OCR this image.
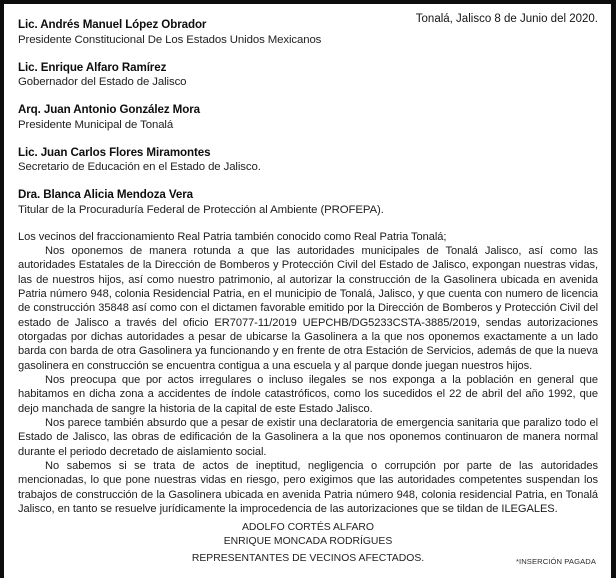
Tonalá, Jalisco 8 de Junio del 2020.
Lic. Andrés Manuel López Obrador
Presidente Constitucional De Los Estados Unidos Mexicanos
Lic. Enrique Alfaro Ramírez
Gobernador del Estado de Jalisco
Arq. Juan Antonio González Mora
Presidente Municipal de Tonalá
Lic. Juan Carlos Flores Miramontes
Secretario de Educación en el Estado de Jalisco.
Dra. Blanca Alicia Mendoza Vera
Titular de la Procuraduría Federal de Protección al Ambiente (PROFEPA).

Los vecinos del fraccionamiento Real Patria también conocido como Real Patria Tonalá;

Nos oponemos de manera rotunda a que las autoridades municipales de Tonalá Jalisco, así como las autoridades Estatales de la Dirección de Bomberos y Protección Civil del Estado de Jalisco, expongan nuestras vidas, las de nuestros hijos, así como nuestro patrimonio, al autorizar la construcción de la Gasolinera ubicada en avenida Patria número 948, colonia Residencial Patria, en el municipio de Tonalá, Jalisco, y que cuenta con numero de licencia de construcción 35848 así como con el dictamen favorable emitido por la Dirección de Bomberos y Protección Civil del estado de Jalisco a través del oficio ER7077-11/2019 UEPCHB/DG5233CSTA-3885/2019, sendas autorizaciones otorgadas por dichas autoridades a pesar de ubicarse la Gasolinera a la que nos oponemos exactamente a un lado barda con barda de otra Gasolinera ya funcionando y en frente de otra Estación de Servicios, además de que la nueva gasolinera en construcción se encuentra contigua a una escuela y al parque donde juegan nuestros hijos.

Nos preocupa que por actos irregulares o incluso ilegales se nos exponga a la población en general que habitamos en dicha zona a accidentes de índole catastróficos, como los sucedidos el 22 de abril del año 1992, que dejo manchada de sangre la historia de la capital de este Estado Jalisco.

Nos parece también absurdo que a pesar de existir una declaratoria de emergencia sanitaria que paralizo todo el Estado de Jalisco, las obras de edificación de la Gasolinera a la que nos oponemos continuaron de manera normal durante el periodo decretado de aislamiento social.

No sabemos si se trata de actos de ineptitud, negligencia o corrupción por parte de las autoridades mencionadas, lo que pone nuestras vidas en riesgo, pero exigimos que las autoridades competentes suspendan los trabajos de construcción de la Gasolinera ubicada en avenida Patria número 948, colonia residencial Patria, en Tonalá Jalisco, en tanto se resuelve jurídicamente la improcedencia de las autorizaciones que se tildan de ILEGALES.

ADOLFO CORTÉS ALFARO
ENRIQUE MONCADA RODRÍGUES
REPRESENTANTES DE VECINOS AFECTADOS.	*INSERCIÓN PAGADA
